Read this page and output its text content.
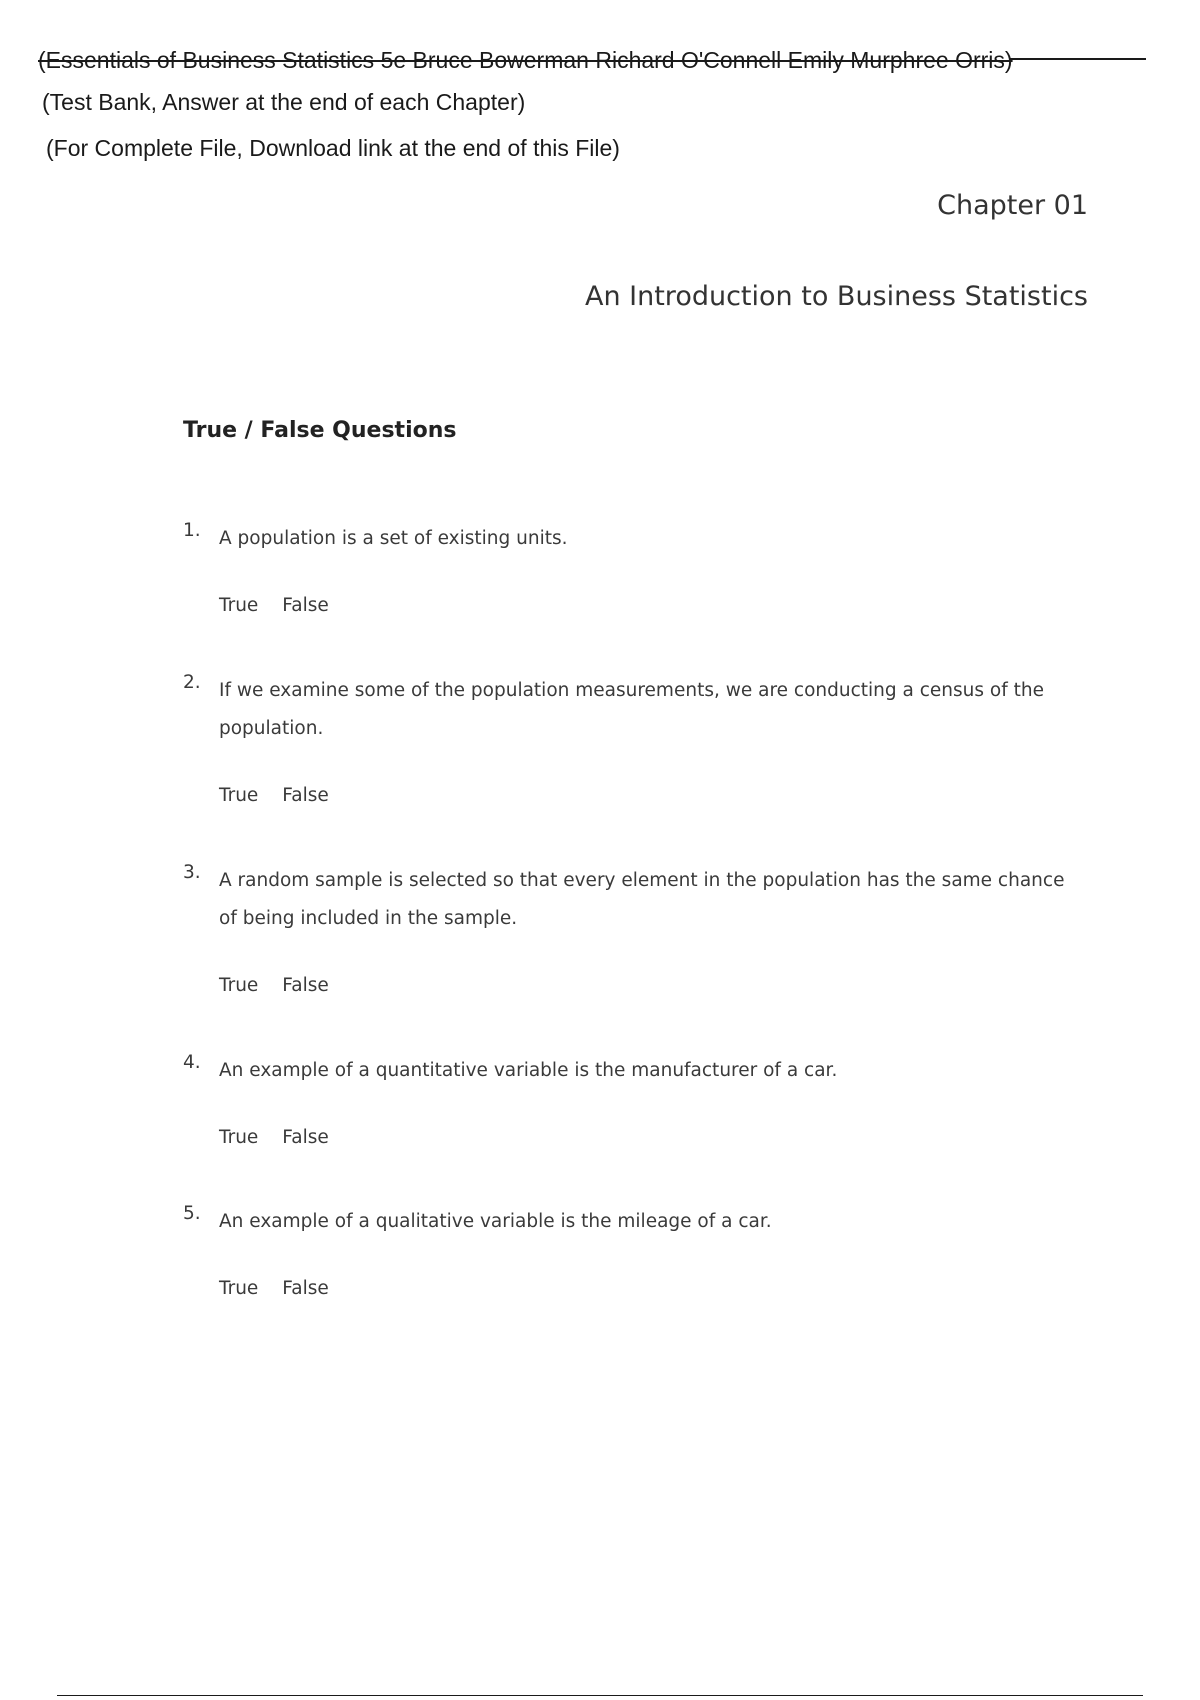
(Essentials of Business Statistics 5e Bruce Bowerman Richard O'Connell Emily Murphree Orris)
(Test Bank, Answer at the end of each Chapter)
(For Complete File, Download link at the end of this File)
Chapter 01
An Introduction to Business Statistics
True / False Questions
1. A population is a set of existing units.
True False
2. If we examine some of the population measurements, we are conducting a census of the population.
True False
3. A random sample is selected so that every element in the population has the same chance of being included in the sample.
True False
4. An example of a quantitative variable is the manufacturer of a car.
True False
5. An example of a qualitative variable is the mileage of a car.
True False
